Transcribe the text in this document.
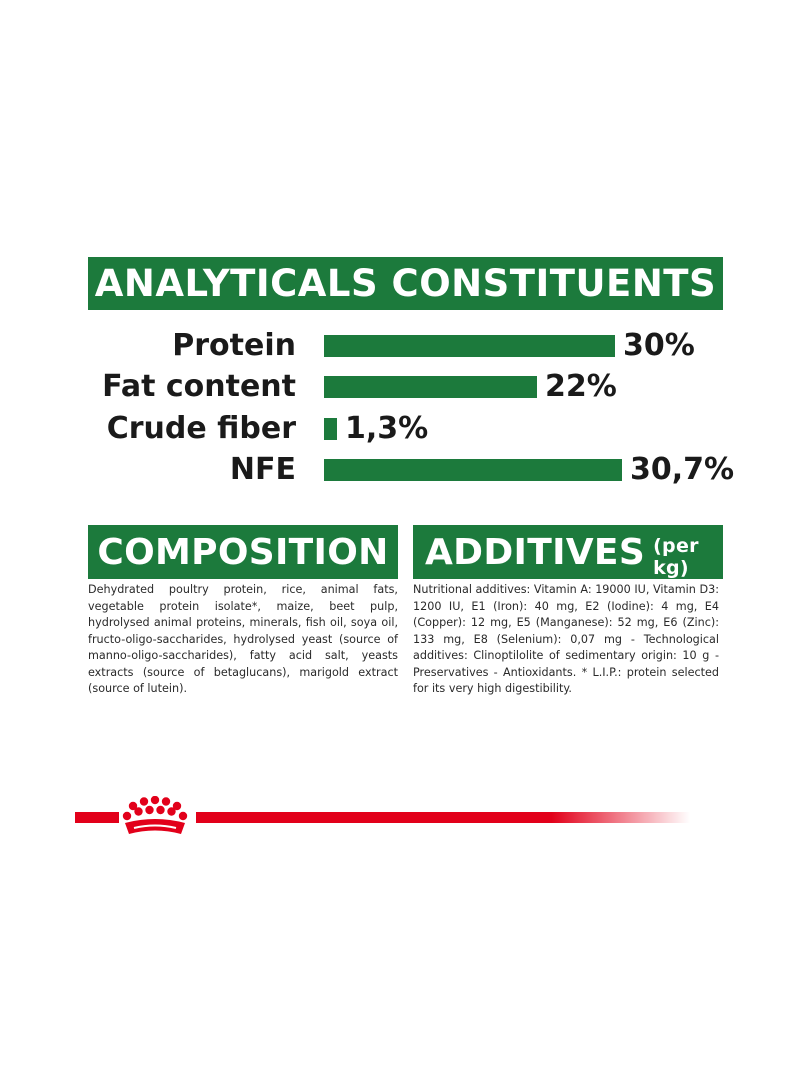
ANALYTICALS CONSTITUENTS
Protein	30%
Fat content	22%
Crude fiber 1,3%
NFE	30,7%
COMPOSITION

Dehydrated poultry protein, rice, animal fats, vegetable protein isolate*, maize, beet pulp, hydrolysed animal proteins, minerals, fish oil, soya oil, fructo-oligo-saccharides, hydrolysed yeast (source of manno-oligo-saccharides), fatty acid salt, yeasts extracts (source of betaglucans), marigold extract (source of lutein).

ADDITIVES (per kg)

Nutritional additives: Vitamin A: 19000 IU, Vitamin D3: 1200 IU, E1 (Iron): 40 mg, E2 (Iodine): 4 mg, E4 (Copper): 12 mg, E5 (Manganese): 52 mg, E6 (Zinc): 133 mg, E8 (Selenium): 0,07 mg - Technological additives: Clinoptilolite of sedimentary origin: 10 g - Preservatives - Antioxidants. * L.I.P.: protein selected for its very high digestibility.
